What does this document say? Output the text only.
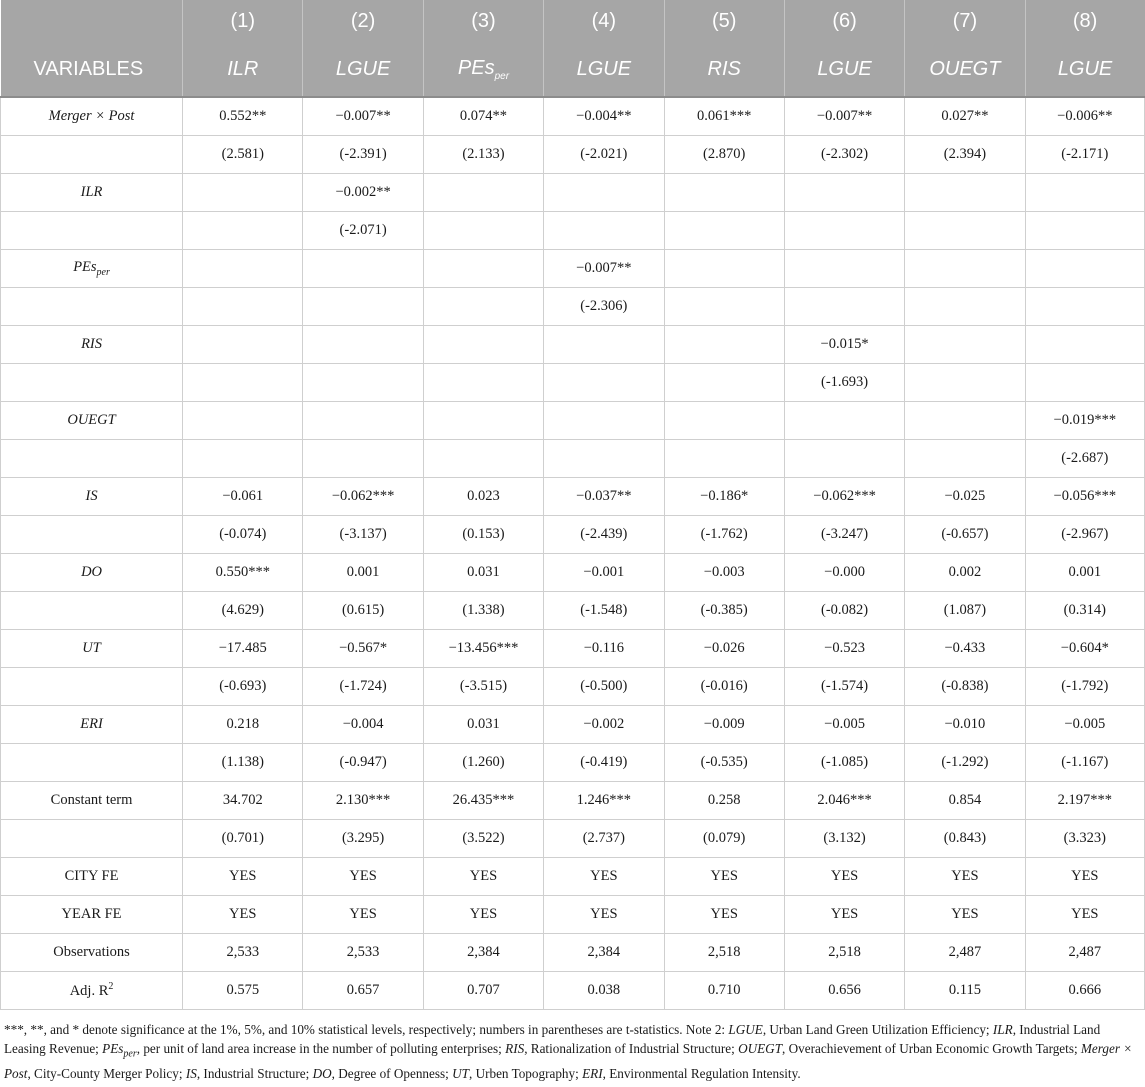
	(1)	(2)	(3)	(4)	(5)	(6)	(7)	(8)
VARIABLES	ILR	LGUE	PEs$_{per}$	LGUE	RIS	LGUE	OUEGT	LGUE
Merger × Post	0.552**	−0.007**	0.074**	−0.004**	0.061***	−0.007**	0.027**	−0.006**
	(2.581)	(-2.391)	(2.133)	(-2.021)	(2.870)	(-2.302)	(2.394)	(-2.171)
ILR		−0.002**						
		(-2.071)						
PEs$_{per}$				−0.007**				
				(-2.306)				
RIS						−0.015*		
						(-1.693)		
OUEGT								−0.019***
								(-2.687)
IS	−0.061	−0.062***	0.023	−0.037**	−0.186*	−0.062***	−0.025	−0.056***
	(-0.074)	(-3.137)	(0.153)	(-2.439)	(-1.762)	(-3.247)	(-0.657)	(-2.967)
DO	0.550***	0.001	0.031	−0.001	−0.003	−0.000	0.002	0.001
	(4.629)	(0.615)	(1.338)	(-1.548)	(-0.385)	(-0.082)	(1.087)	(0.314)
UT	−17.485	−0.567*	−13.456***	−0.116	−0.026	−0.523	−0.433	−0.604*
	(-0.693)	(-1.724)	(-3.515)	(-0.500)	(-0.016)	(-1.574)	(-0.838)	(-1.792)
ERI	0.218	−0.004	0.031	−0.002	−0.009	−0.005	−0.010	−0.005
	(1.138)	(-0.947)	(1.260)	(-0.419)	(-0.535)	(-1.085)	(-1.292)	(-1.167)
Constant term	34.702	2.130***	26.435***	1.246***	0.258	2.046***	0.854	2.197***
	(0.701)	(3.295)	(3.522)	(2.737)	(0.079)	(3.132)	(0.843)	(3.323)
CITY FE	YES	YES	YES	YES	YES	YES	YES	YES
YEAR FE	YES	YES	YES	YES	YES	YES	YES	YES
Observations	2,533	2,533	2,384	2,384	2,518	2,518	2,487	2,487
Adj. $R^2$	0.575	0.657	0.707	0.038	0.710	0.656	0.115	0.666
***, **, and * denote significance at the 1%, 5%, and 10% statistical levels, respectively; numbers in parentheses are t-statistics. Note 2: LGUE, Urban Land Green Utilization Efficiency; ILR, Industrial Land Leasing Revenue; PEs$_{per}$, per unit of land area increase in the number of polluting enterprises; RIS, Rationalization of Industrial Structure; OUEGT, Overachievement of Urban Economic Growth Targets; Merger × Post, City-County Merger Policy; IS, Industrial Structure; DO, Degree of Openness; UT, Urben Topography; ERI, Environmental Regulation Intensity.
